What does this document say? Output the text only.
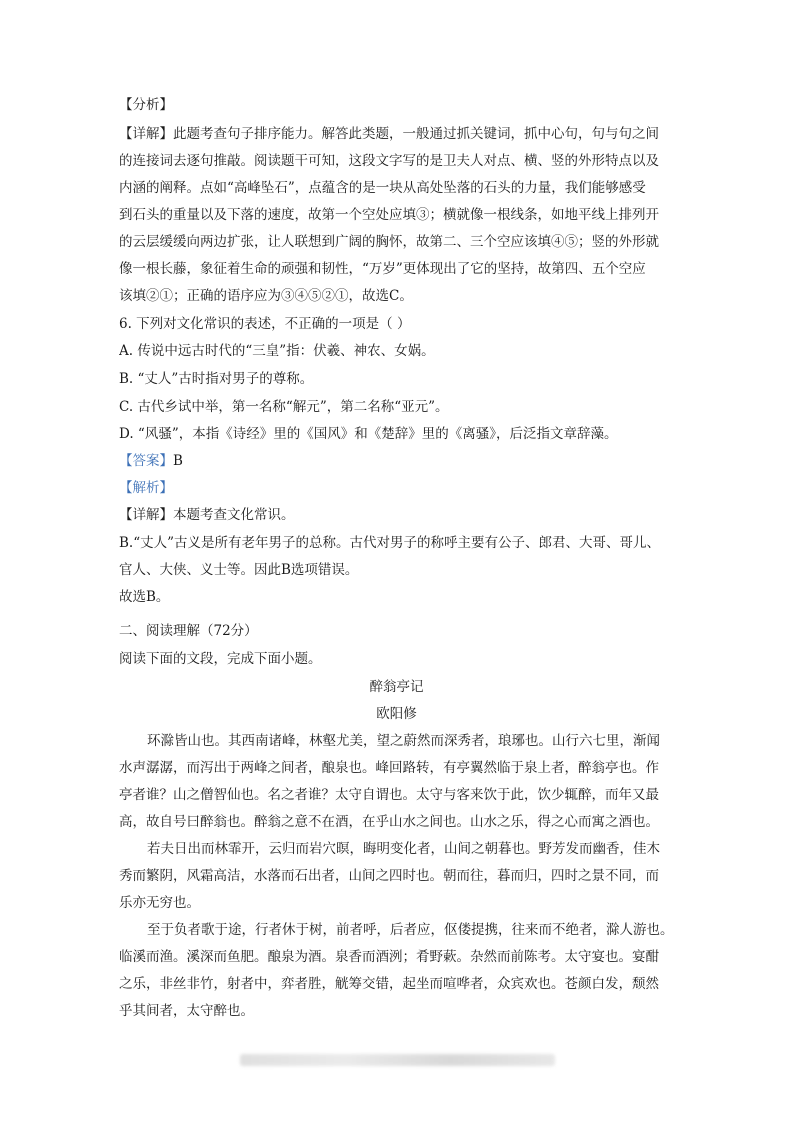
【分析】
【详解】此题考查句子排序能力。解答此类题，一般通过抓关键词，抓中心句，句与句之间
的连接词去逐句推敲。阅读题干可知，这段文字写的是卫夫人对点、横、竖的外形特点以及
内涵的阐释。点如“高峰坠石”，点蕴含的是一块从高处坠落的石头的力量，我们能够感受
到石头的重量以及下落的速度，故第一个空处应填③；横就像一根线条，如地平线上排列开
的云层缓缓向两边扩张，让人联想到广阔的胸怀，故第二、三个空应该填④⑤；竖的外形就
像一根长藤，象征着生命的顽强和韧性，“万岁”更体现出了它的坚持，故第四、五个空应
该填②①；正确的语序应为③④⑤②①，故选C。
6. 下列对文化常识的表述，不正确的一项是（ ）
A. 传说中远古时代的“三皇”指：伏羲、神农、女娲。
B. “丈人”古时指对男子的尊称。
C. 古代乡试中举，第一名称“解元”，第二名称“亚元”。
D. “风骚”，本指《诗经》里的《国风》和《楚辞》里的《离骚》，后泛指文章辞藻。
【答案】B
【解析】
【详解】本题考查文化常识。
B.“丈人”古义是所有老年男子的总称。古代对男子的称呼主要有公子、郎君、大哥、哥儿、
官人、大侠、义士等。因此B选项错误。
故选B。
二、阅读理解（72分）
阅读下面的文段，完成下面小题。
醉翁亭记
欧阳修
环滁皆山也。其西南诸峰，林壑尤美，望之蔚然而深秀者，琅琊也。山行六七里，渐闻
水声潺潺，而泻出于两峰之间者，酿泉也。峰回路转，有亭翼然临于泉上者，醉翁亭也。作
亭者谁？山之僧智仙也。名之者谁？太守自谓也。太守与客来饮于此，饮少辄醉，而年又最
高，故自号曰醉翁也。醉翁之意不在酒，在乎山水之间也。山水之乐，得之心而寓之酒也。
若夫日出而林霏开，云归而岩穴暝，晦明变化者，山间之朝暮也。野芳发而幽香，佳木
秀而繁阴，风霜高洁，水落而石出者，山间之四时也。朝而往，暮而归，四时之景不同，而
乐亦无穷也。
至于负者歌于途，行者休于树，前者呼，后者应，伛偻提携，往来而不绝者，滁人游也。
临溪而渔。溪深而鱼肥。酿泉为酒。泉香而酒洌；肴野蔌。杂然而前陈考。太守宴也。宴酣
之乐，非丝非竹，射者中，弈者胜，觥筹交错，起坐而喧哗者，众宾欢也。苍颜白发，颓然
乎其间者，太守醉也。
